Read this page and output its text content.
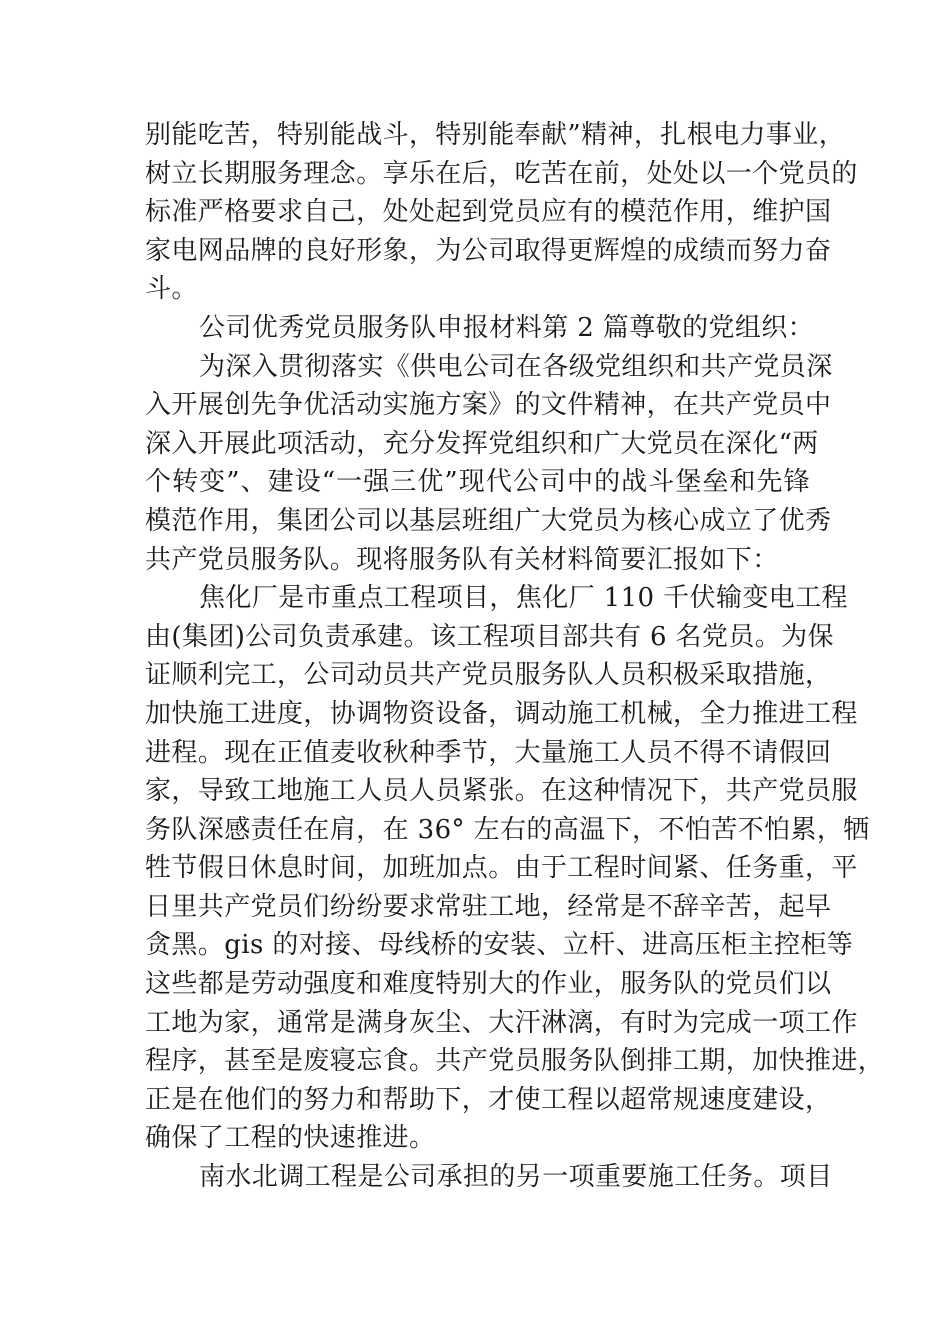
别能吃苦，特别能战斗，特别能奉献”精神，扎根电力事业，
树立长期服务理念。享乐在后，吃苦在前，处处以一个党员的
标准严格要求自己，处处起到党员应有的模范作用，维护国
家电网品牌的良好形象，为公司取得更辉煌的成绩而努力奋
斗。
公司优秀党员服务队申报材料第 2 篇尊敬的党组织：
为深入贯彻落实《供电公司在各级党组织和共产党员深
入开展创先争优活动实施方案》的文件精神，在共产党员中
深入开展此项活动，充分发挥党组织和广大党员在深化“两
个转变”、建设“一强三优”现代公司中的战斗堡垒和先锋
模范作用，集团公司以基层班组广大党员为核心成立了优秀
共产党员服务队。现将服务队有关材料简要汇报如下：
焦化厂是市重点工程项目，焦化厂 110 千伏输变电工程
由(集团)公司负责承建。该工程项目部共有 6 名党员。为保
证顺利完工，公司动员共产党员服务队人员积极采取措施，
加快施工进度，协调物资设备，调动施工机械，全力推进工程
进程。现在正值麦收秋种季节，大量施工人员不得不请假回
家，导致工地施工人员人员紧张。在这种情况下，共产党员服
务队深感责任在肩，在 36° 左右的高温下，不怕苦不怕累，牺
牲节假日休息时间，加班加点。由于工程时间紧、任务重，平
日里共产党员们纷纷要求常驻工地，经常是不辞辛苦，起早
贪黑。gis 的对接、母线桥的安装、立杆、进高压柜主控柜等
这些都是劳动强度和难度特别大的作业，服务队的党员们以
工地为家，通常是满身灰尘、大汗淋漓，有时为完成一项工作
程序，甚至是废寝忘食。共产党员服务队倒排工期，加快推进，
正是在他们的努力和帮助下，才使工程以超常规速度建设，
确保了工程的快速推进。
南水北调工程是公司承担的另一项重要施工任务。项目
